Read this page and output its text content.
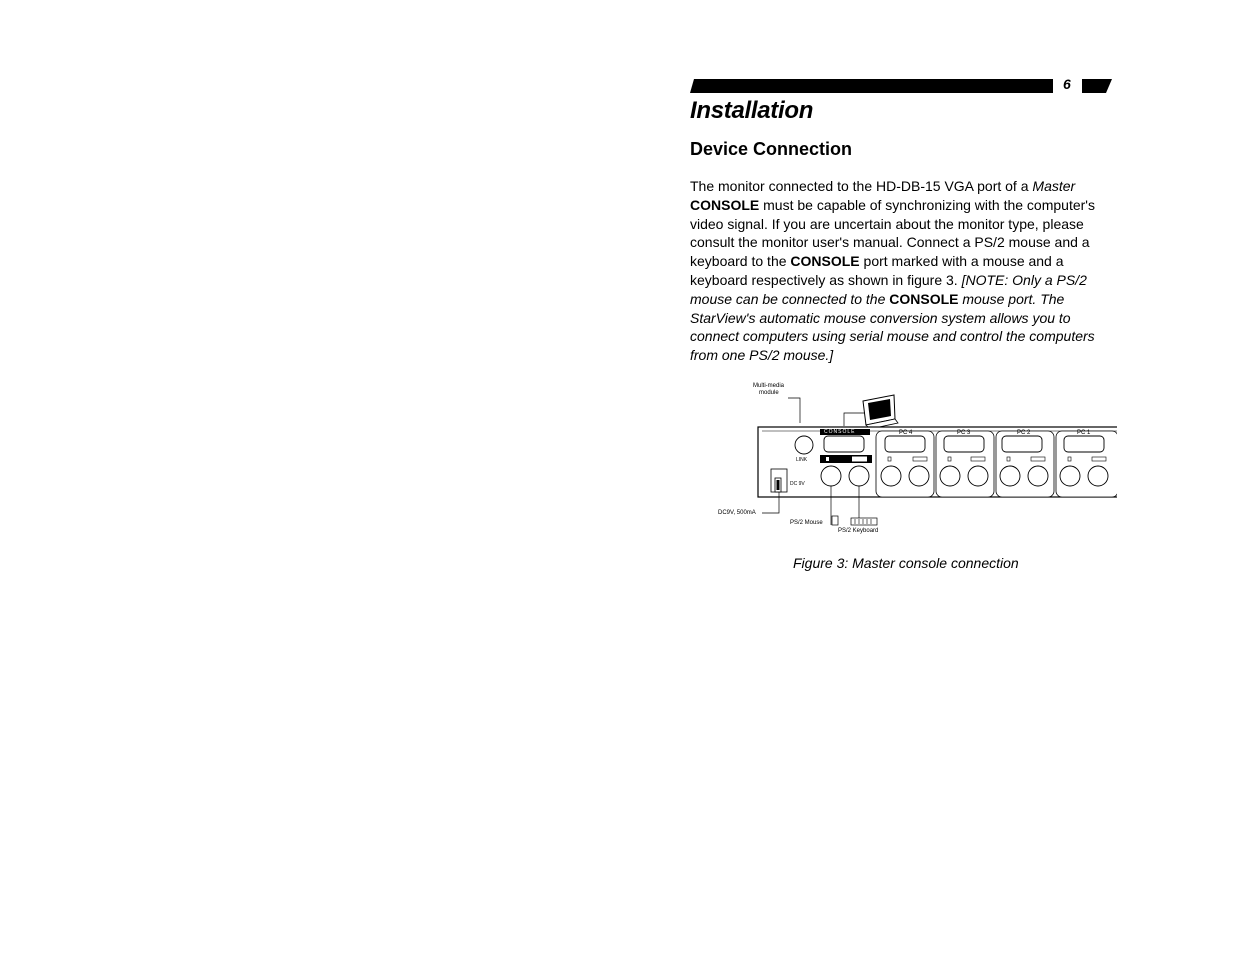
6
Installation
Device Connection

The monitor connected to the HD-DB-15 VGA port of a Master
CONSOLE must be capable of synchronizing with the computer's video signal. If you are uncertain about the monitor type, please consult the monitor user's manual. Connect a PS/2 mouse and a keyboard to the CONSOLE port marked with a mouse and a keyboard respectively as shown in figure 3. [NOTE: Only a PS/2 mouse can be connected to the CONSOLE mouse port. The StarView's automatic mouse conversion system allows you to connect computers using serial mouse and control the computers from one PS/2 mouse.]

Multi-media
module
CONSOLE	PC 4	PC 3	PC 2	PC 1
LINK
DC 9V
DC9V, 500mA
PS/2 Mouse
PS/2 Keyboard

Figure 3: Master console connection
